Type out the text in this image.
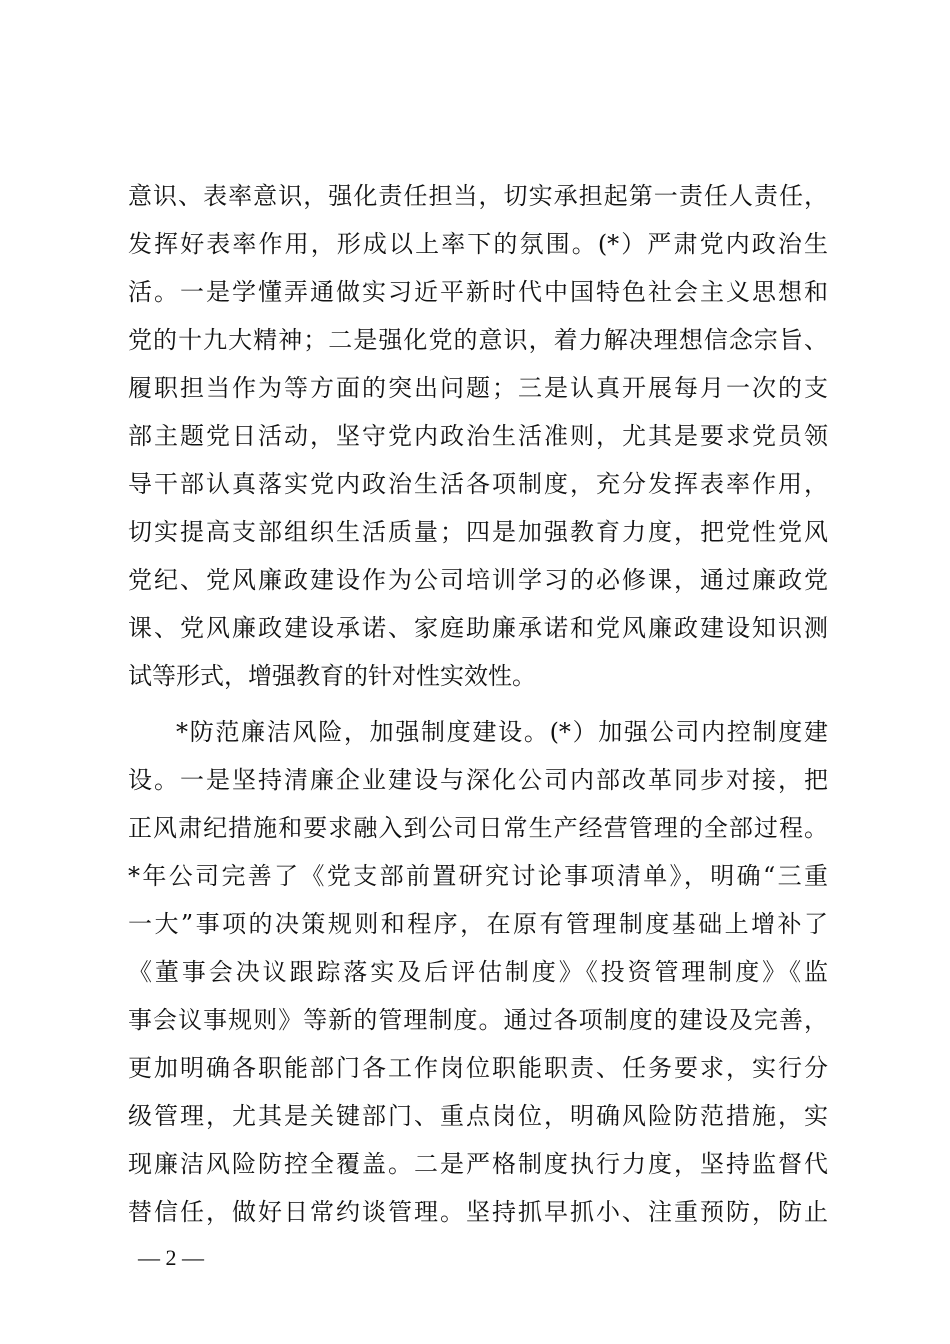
意识、表率意识，强化责任担当，切实承担起第一责任人责任，
发挥好表率作用，形成以上率下的氛围。(*）严肃党内政治生
活。一是学懂弄通做实习近平新时代中国特色社会主义思想和
党的十九大精神；二是强化党的意识，着力解决理想信念宗旨、
履职担当作为等方面的突出问题；三是认真开展每月一次的支
部主题党日活动，坚守党内政治生活准则，尤其是要求党员领
导干部认真落实党内政治生活各项制度，充分发挥表率作用，
切实提高支部组织生活质量；四是加强教育力度，把党性党风
党纪、党风廉政建设作为公司培训学习的必修课，通过廉政党
课、党风廉政建设承诺、家庭助廉承诺和党风廉政建设知识测
试等形式，增强教育的针对性实效性。
*防范廉洁风险，加强制度建设。(*）加强公司内控制度建
设。一是坚持清廉企业建设与深化公司内部改革同步对接，把
正风肃纪措施和要求融入到公司日常生产经营管理的全部过程。
*年公司完善了《党支部前置研究讨论事项清单》，明确“三重
一大”事项的决策规则和程序，在原有管理制度基础上增补了
《董事会决议跟踪落实及后评估制度》《投资管理制度》《监
事会议事规则》等新的管理制度。通过各项制度的建设及完善，
更加明确各职能部门各工作岗位职能职责、任务要求，实行分
级管理，尤其是关键部门、重点岗位，明确风险防范措施，实
现廉洁风险防控全覆盖。二是严格制度执行力度，坚持监督代
替信任，做好日常约谈管理。坚持抓早抓小、注重预防，防止
— 2 —
